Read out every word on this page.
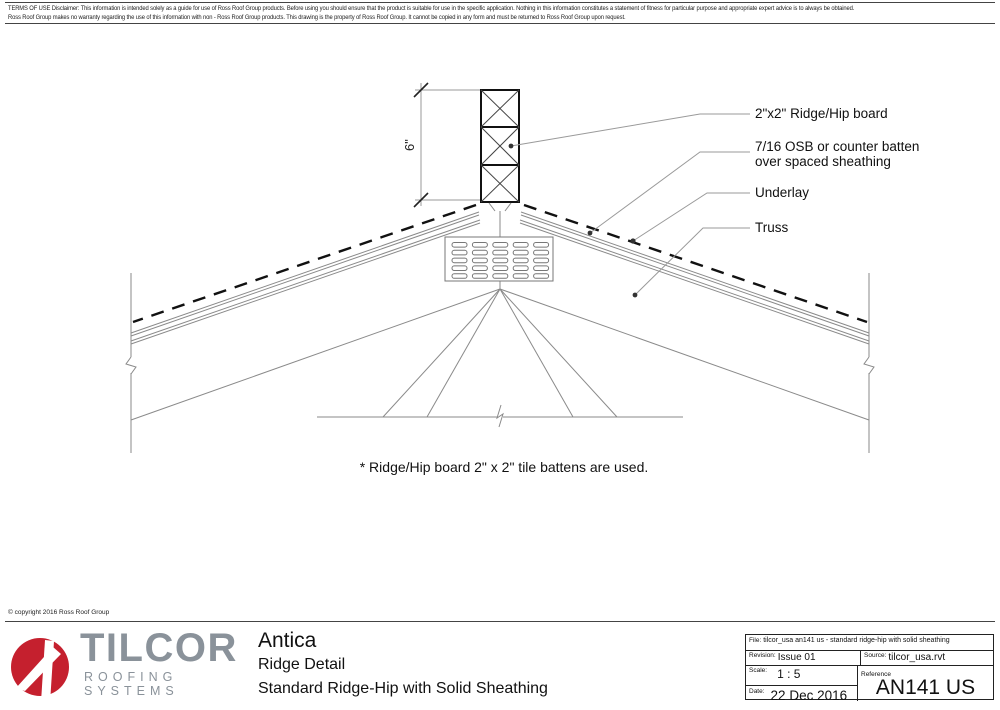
TERMS OF USE Disclaimer: This information is intended solely as a guide for use of Ross Roof Group products. Before using you should ensure that the product is suitable for use in the specific application. Nothing in this information constitutes a statement of fitness for particular purpose and appropriate expert advice is to always be obtained.
Ross Roof Group makes no warranty regarding the use of this information with non - Ross Roof Group products. This drawing is the property of Ross Roof Group. It cannot be copied in any form and must be returned to Ross Roof Group upon request.
6"
2"x2" Ridge/Hip board
7/16 OSB or counter batten
over spaced sheathing
Underlay
Truss
* Ridge/Hip board 2" x 2" tile battens are used.
© copyright 2016 Ross Roof Group
TILCOR
ROOFING SYSTEMS
Antica
Ridge Detail
Standard Ridge-Hip with Solid Sheathing
File: tilcor_usa an141 us - standard ridge-hip with solid sheathing
Revision: Issue 01	Source: tilcor_usa.rvt
Scale: 1 : 5
Date: 22 Dec 2016
Reference
AN141 US
